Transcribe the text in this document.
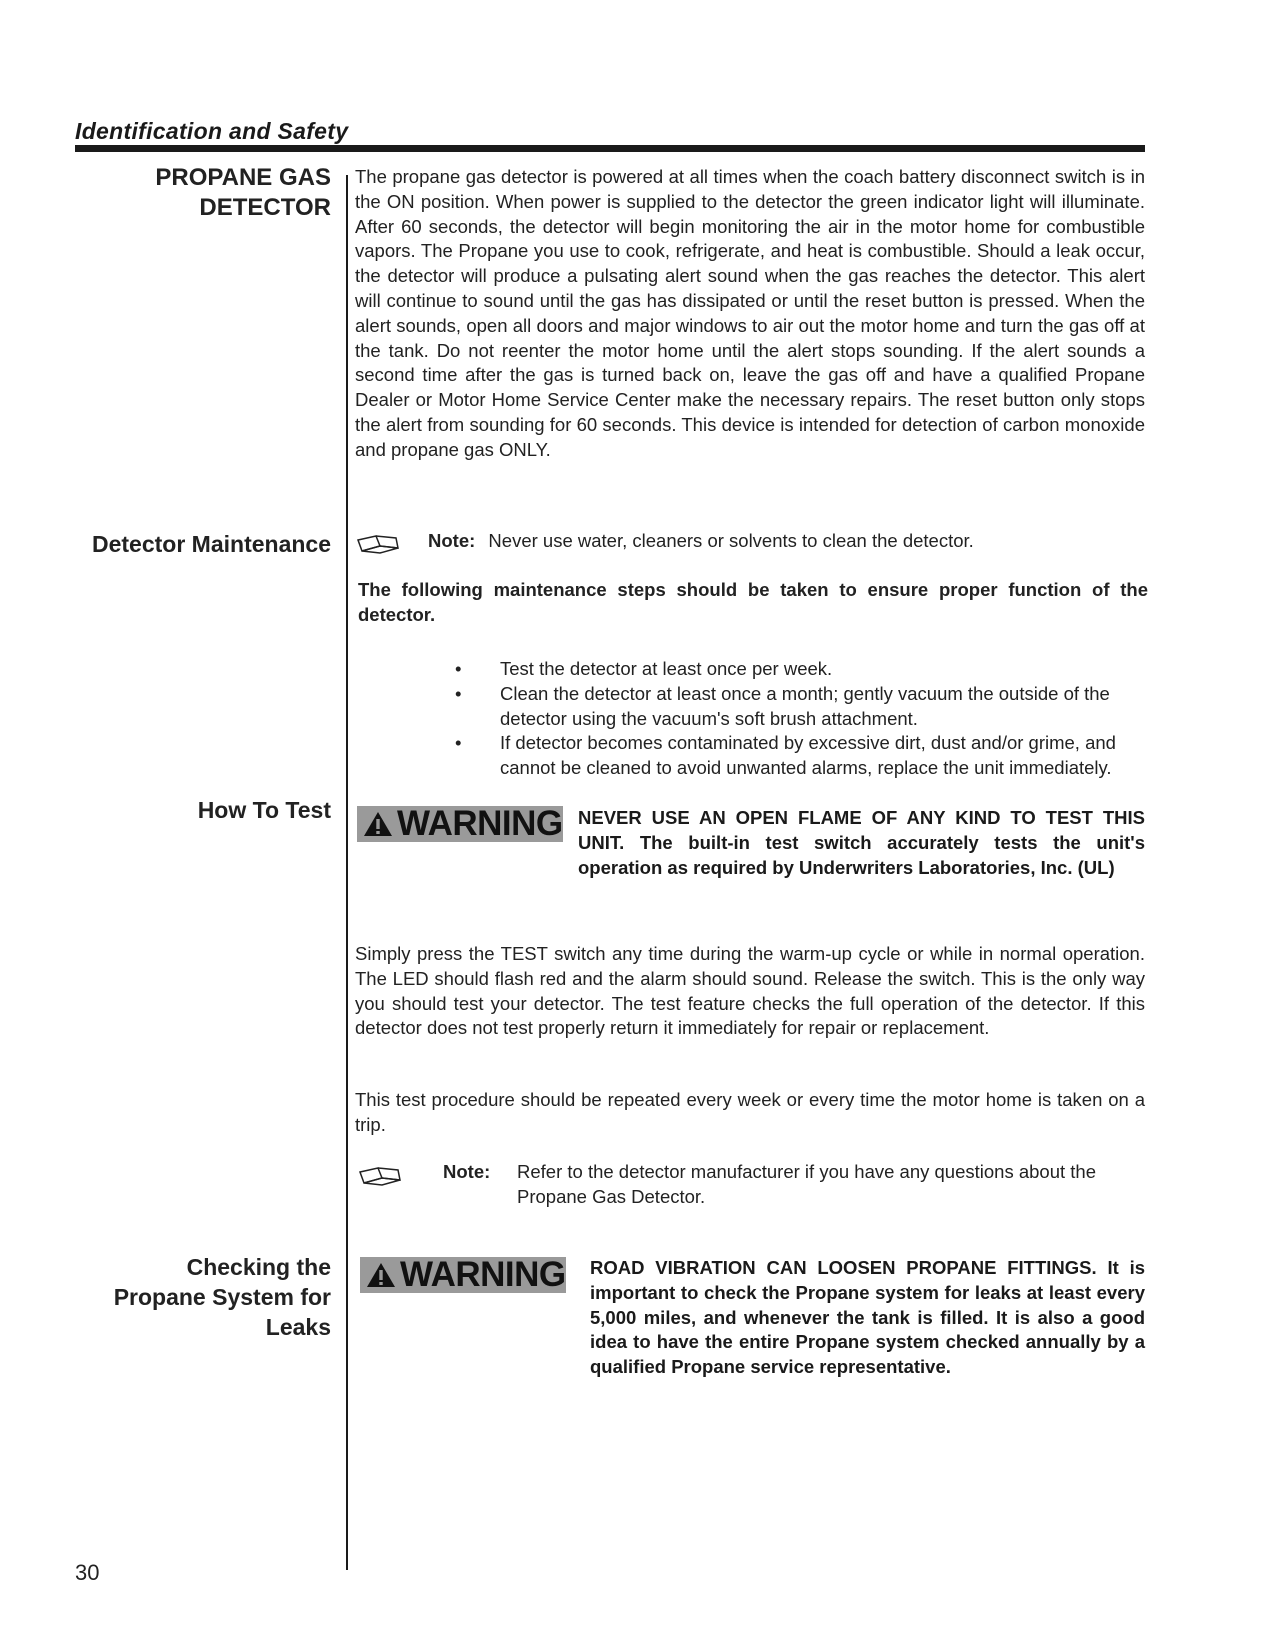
Identification and Safety
PROPANE GAS
DETECTOR
The propane gas detector is powered at all times when the coach battery disconnect switch is in the ON position. When power is supplied to the detector the green indicator light will illuminate. After 60 seconds, the detector will begin monitoring the air in the motor home for combustible vapors. The Propane you use to cook, refrigerate, and heat is combustible. Should a leak occur, the detector will produce a pulsating alert sound when the gas reaches the detector. This alert will continue to sound until the gas has dissipated or until the reset button is pressed. When the alert sounds, open all doors and major windows to air out the motor home and turn the gas off at the tank. Do not reenter the motor home until the alert stops sounding. If the alert sounds a second time after the gas is turned back on, leave the gas off and have a qualified Propane Dealer or Motor Home Service Center make the necessary repairs. The reset button only stops the alert from sounding for 60 seconds. This device is intended for detection of carbon monoxide and propane gas ONLY.
Detector Maintenance	Note: Never use water, cleaners or solvents to clean the detector.
The following maintenance steps should be taken to ensure proper function of the detector.
• Test the detector at least once per week.
• Clean the detector at least once a month; gently vacuum the outside of the detector using the vacuum's soft brush attachment.
• If detector becomes contaminated by excessive dirt, dust and/or grime, and cannot be cleaned to avoid unwanted alarms, replace the unit immediately.
How To Test WARNING NEVER USE AN OPEN FLAME OF ANY KIND TO TEST THIS UNIT. The built-in test switch accurately tests the unit's operation as required by Underwriters Laboratories, Inc. (UL)
Simply press the TEST switch any time during the warm-up cycle or while in normal operation. The LED should flash red and the alarm should sound. Release the switch. This is the only way you should test your detector. The test feature checks the full operation of the detector. If this detector does not test properly return it immediately for repair or replacement.
This test procedure should be repeated every week or every time the motor home is taken on a trip.
Note:	Refer to the detector manufacturer if you have any questions about the Propane Gas Detector.
Checking the
Propane System for
Leaks
WARNING ROAD VIBRATION CAN LOOSEN PROPANE FITTINGS. It is important to check the Propane system for leaks at least every 5,000 miles, and whenever the tank is filled. It is also a good idea to have the entire Propane system checked annually by a qualified Propane service representative.
30
